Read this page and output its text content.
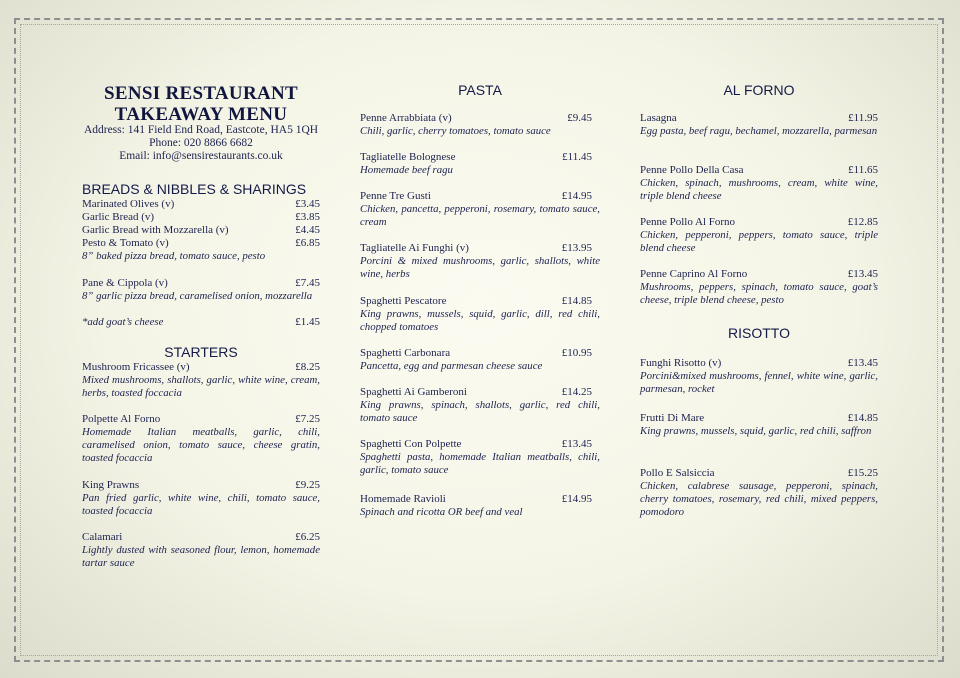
SENSI RESTAURANT
TAKEAWAY MENU
Address: 141 Field End Road, Eastcote, HA5 1QH
Phone: 020 8866 6682
Email: info@sensirestaurants.co.uk
BREADS & NIBBLES & SHARINGS
Marinated Olives (v)	£3.45
Garlic Bread (v)	£3.85
Garlic Bread with Mozzarella (v)	£4.45
Pesto & Tomato (v)	£6.85
8” baked pizza bread, tomato sauce, pesto
Pane & Cippola (v)	£7.45
8” garlic pizza bread, caramelised onion, mozzarella
*add goat’s cheese	£1.45
STARTERS
Mushroom Fricassee (v)	£8.25
Mixed mushrooms, shallots, garlic, white wine, cream, herbs, toasted foccacia
Polpette Al Forno	£7.25
Homemade Italian meatballs, garlic, chili, caramelised onion, tomato sauce, cheese gratin, toasted focaccia
King Prawns	£9.25
Pan fried garlic, white wine, chili, tomato sauce, toasted focaccia
Calamari	£6.25
Lightly dusted with seasoned flour, lemon, homemade tartar sauce
PASTA
Penne Arrabbiata (v)	£9.45
Chili, garlic, cherry tomatoes, tomato sauce
Tagliatelle Bolognese	£11.45
Homemade beef ragu
Penne Tre Gusti	£14.95
Chicken, pancetta, pepperoni, rosemary, tomato sauce, cream
Tagliatelle Ai Funghi (v)	£13.95
Porcini & mixed mushrooms, garlic, shallots, white wine, herbs
Spaghetti Pescatore	£14.85
King prawns, mussels, squid, garlic, dill, red chili, chopped tomatoes
Spaghetti Carbonara	£10.95
Pancetta, egg and parmesan cheese sauce
Spaghetti Ai Gamberoni	£14.25
King prawns, spinach, shallots, garlic, red chili, tomato sauce
Spaghetti Con Polpette	£13.45
Spaghetti pasta, homemade Italian meatballs, chili, garlic, tomato sauce
Homemade Ravioli	£14.95
Spinach and ricotta OR beef and veal
AL FORNO
Lasagna	£11.95
Egg pasta, beef ragu, bechamel, mozzarella, parmesan
Penne Pollo Della Casa	£11.65
Chicken, spinach, mushrooms, cream, white wine, triple blend cheese
Penne Pollo Al Forno	£12.85
Chicken, pepperoni, peppers, tomato sauce, triple blend cheese
Penne Caprino Al Forno	£13.45
Mushrooms, peppers, spinach, tomato sauce, goat’s cheese, triple blend cheese, pesto
RISOTTO
Funghi Risotto (v)	£13.45
Porcini&mixed mushrooms, fennel, white wine, garlic, parmesan, rocket
Frutti Di Mare	£14.85
King prawns, mussels, squid, garlic, red chili, saffron
Pollo E Salsiccia	£15.25
Chicken, calabrese sausage, pepperoni, spinach, cherry tomatoes, rosemary, red chili, mixed peppers, pomodoro
